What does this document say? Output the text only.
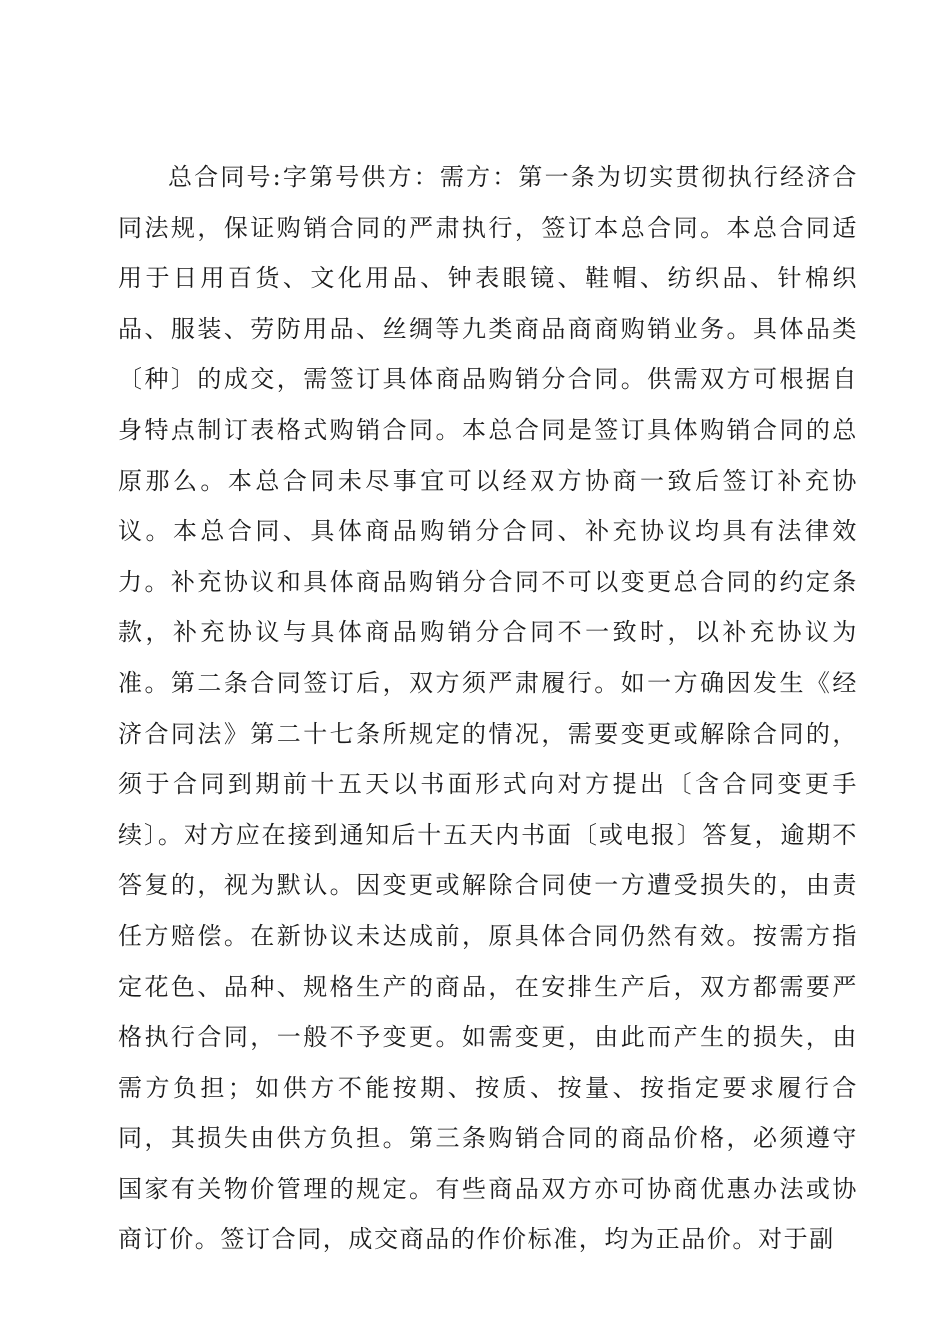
总合同号:字第号供方：需方：第一条为切实贯彻执行经济合同法规，保证购销合同的严肃执行，签订本总合同。本总合同适用于日用百货、文化用品、钟表眼镜、鞋帽、纺织品、针棉织品、服装、劳防用品、丝绸等九类商品商商购销业务。具体品类〔种〕的成交，需签订具体商品购销分合同。供需双方可根据自身特点制订表格式购销合同。本总合同是签订具体购销合同的总原那么。本总合同未尽事宜可以经双方协商一致后签订补充协议。本总合同、具体商品购销分合同、补充协议均具有法律效力。补充协议和具体商品购销分合同不可以变更总合同的约定条款，补充协议与具体商品购销分合同不一致时，以补充协议为准。第二条合同签订后，双方须严肃履行。如一方确因发生《经济合同法》第二十七条所规定的情况，需要变更或解除合同的，须于合同到期前十五天以书面形式向对方提出〔含合同变更手续〕。对方应在接到通知后十五天内书面〔或电报〕答复，逾期不答复的，视为默认。因变更或解除合同使一方遭受损失的，由责任方赔偿。在新协议未达成前，原具体合同仍然有效。按需方指定花色、品种、规格生产的商品，在安排生产后，双方都需要严格执行合同，一般不予变更。如需变更，由此而产生的损失，由需方负担；如供方不能按期、按质、按量、按指定要求履行合同，其损失由供方负担。第三条购销合同的商品价格，必须遵守国家有关物价管理的规定。有些商品双方亦可协商优惠办法或协商订价。签订合同，成交商品的作价标准，均为正品价。对于副
